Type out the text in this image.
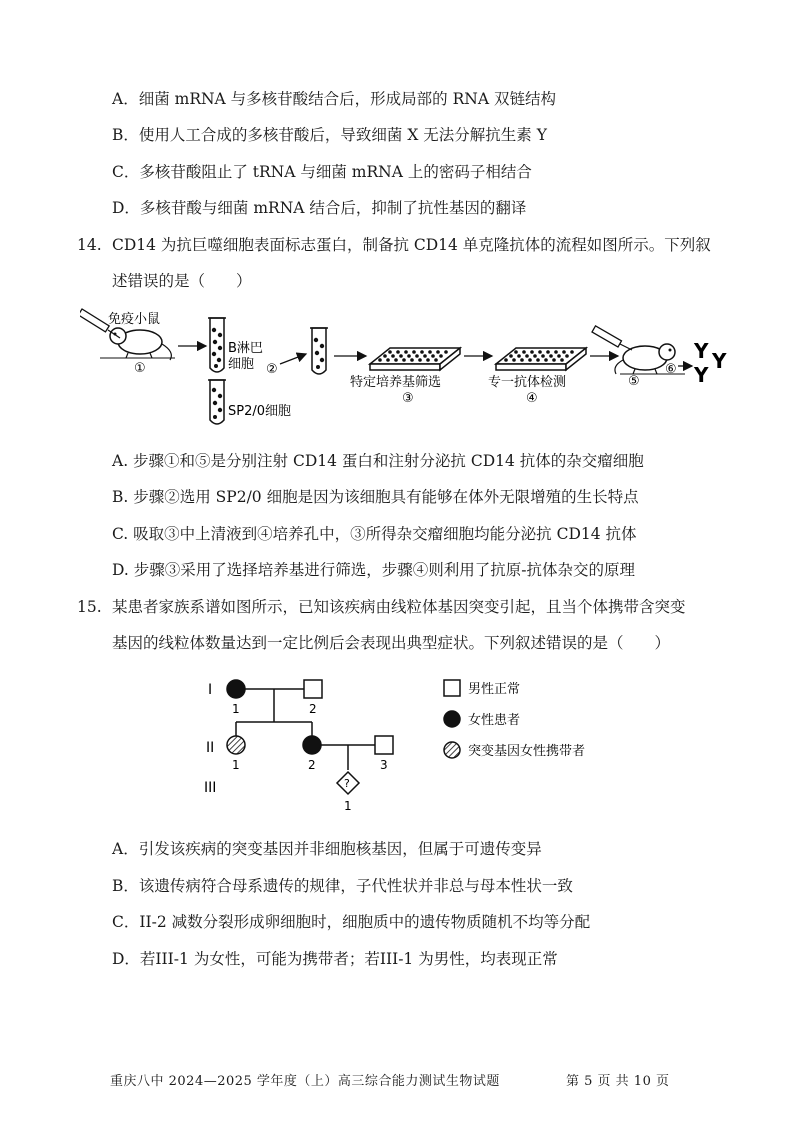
A．细菌 mRNA 与多核苷酸结合后，形成局部的 RNA 双链结构
B．使用人工合成的多核苷酸后，导致细菌 X 无法分解抗生素 Y
C．多核苷酸阻止了 tRNA 与细菌 mRNA 上的密码子相结合
D．多核苷酸与细菌 mRNA 结合后，抑制了抗性基因的翻译
14. CD14 为抗巨噬细胞表面标志蛋白，制备抗 CD14 单克隆抗体的流程如图所示。下列叙
述错误的是（　　）
免疫小鼠
①
B淋巴
细胞
SP2/0细胞
②
特定培养基筛选
③
专一抗体检测
④
⑤
⑥
Y Y
Y
A. 步骤①和⑤是分别注射 CD14 蛋白和注射分泌抗 CD14 抗体的杂交瘤细胞
B. 步骤②选用 SP2/0 细胞是因为该细胞具有能够在体外无限增殖的生长特点
C. 吸取③中上清液到④培养孔中，③所得杂交瘤细胞均能分泌抗 CD14 抗体
D. 步骤③采用了选择培养基进行筛选，步骤④则利用了抗原-抗体杂交的原理
15. 某患者家族系谱如图所示，已知该疾病由线粒体基因突变引起，且当个体携带含突变
基因的线粒体数量达到一定比例后会表现出典型症状。下列叙述错误的是（　　）
I
II
III
1	2
1	2	3
?
1
男性正常
女性患者
突变基因女性携带者
A．引发该疾病的突变基因并非细胞核基因，但属于可遗传变异
B．该遗传病符合母系遗传的规律，子代性状并非总与母本性状一致
C．II-2 减数分裂形成卵细胞时，细胞质中的遗传物质随机不均等分配
D．若III-1 为女性，可能为携带者；若III-1 为男性，均表现正常
重庆八中 2024—2025 学年度（上）高三综合能力测试生物试题	第 5 页 共 10 页
